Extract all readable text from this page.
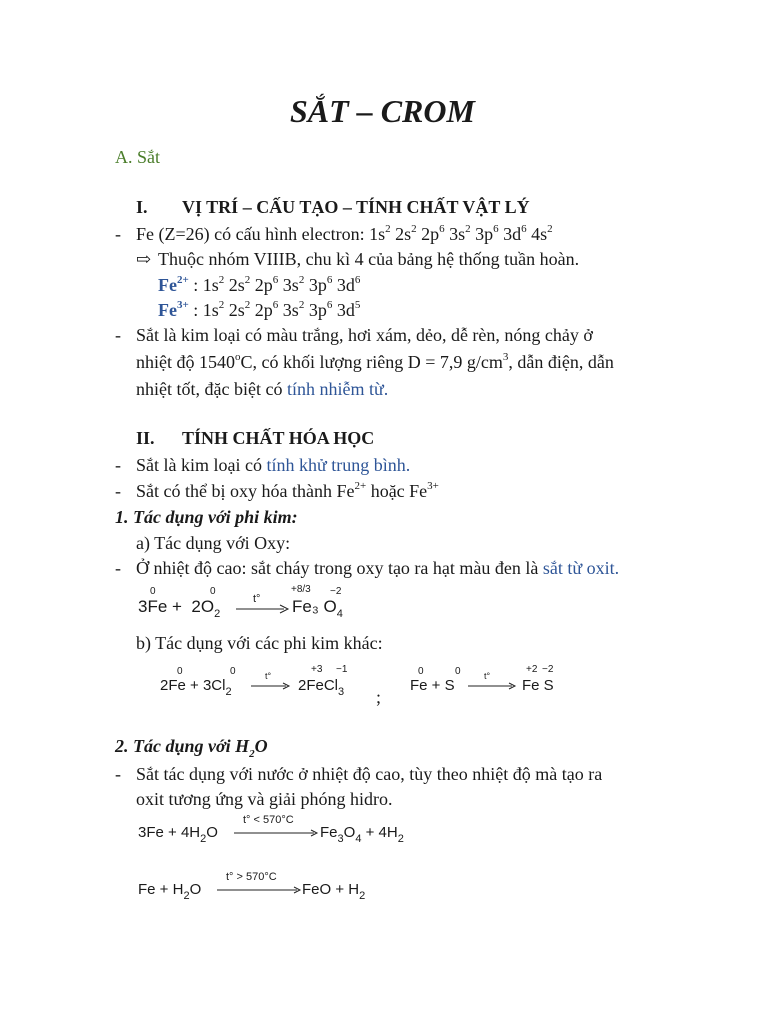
SẮT – CROM
A. Sắt
I. VỊ TRÍ – CẤU TẠO – TÍNH CHẤT VẬT LÝ
- Fe (Z=26) có cấu hình electron: $1s^2$ $2s^2$ $2p^6$ $3s^2$ $3p^6$ $3d^6$ $4s^2$
⇨ Thuộc nhóm VIIIB, chu kì 4 của bảng hệ thống tuần hoàn.
$Fe^{2+}$ : $1s^2$ $2s^2$ $2p^6$ $3s^2$ $3p^6$ $3d^6$
$Fe^{3+}$ : $1s^2$ $2s^2$ $2p^6$ $3s^2$ $3p^6$ $3d^5$
- Sắt là kim loại có màu trắng, hơi xám, dẻo, dễ rèn, nóng chảy ở
nhiệt độ 1540$^o$C, có khối lượng riêng D = 7,9 $g/cm^3$, dẫn điện, dẫn
nhiệt tốt, đặc biệt có tính nhiễm từ.
II. TÍNH CHẤT HÓA HỌC
- Sắt là kim loại có tính khử trung bình.
- Sắt có thể bị oxy hóa thành $Fe^{2+}$ hoặc $Fe^{3+}$
1. Tác dụng với phi kim:
a) Tác dụng với Oxy:
- Ở nhiệt độ cao: sắt cháy trong oxy tạo ra hạt màu đen là sắt từ oxit.
0	0	+8/3 −2
$3Fe + 2O_2$
t° → Fe₃ $O_4$
b) Tác dụng với các phi kim khác:
0	0	+3 −1
$2Fe + 3Cl_2$
t°
2FeCl$_3$ ;
0	0	+2 −2
Fe + S
t°
Fe S
2. Tác dụng với $H_2O$
- Sắt tác dụng với nước ở nhiệt độ cao, tùy theo nhiệt độ mà tạo ra
oxit tương ứng và giải phóng hidro.
$3Fe + 4H_2O$
t° < 570°C
$Fe_3O_4 + 4H_2$
$Fe + H_2O$
t° > 570°C
FeO + $H_2$
